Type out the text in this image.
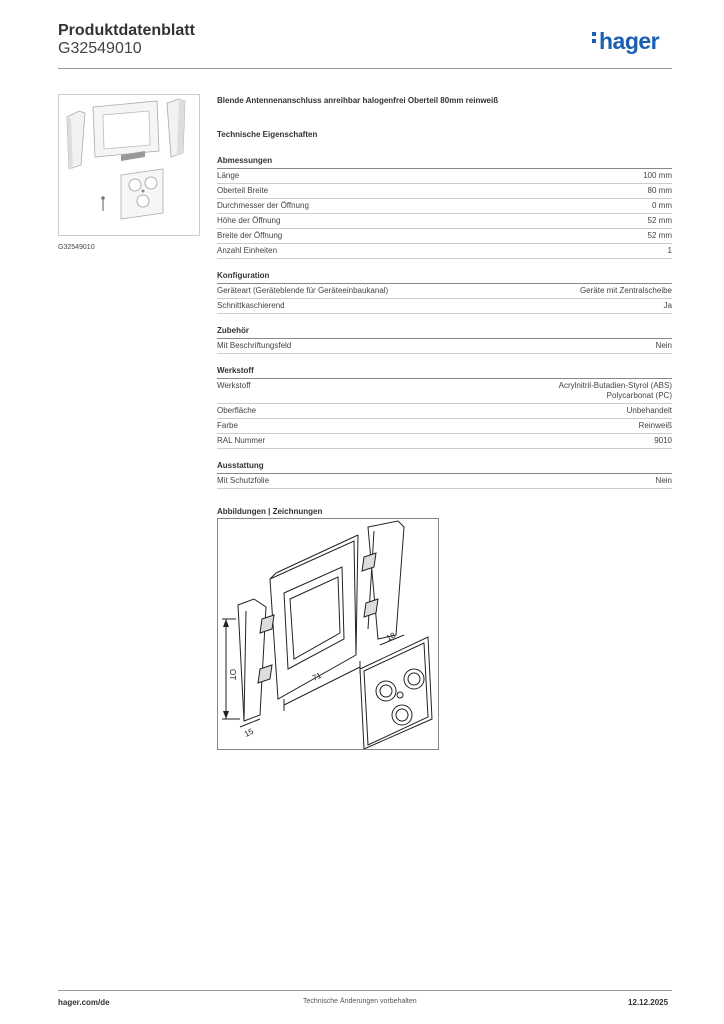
Produktdatenblatt
G32549010	hager
G32549010
Blende Antennenanschluss anreihbar halogenfrei Oberteil 80mm reinweiß
Technische Eigenschaften
Abmessungen
Länge	100 mm
Oberteil Breite	80 mm
Durchmesser der Öffnung	0 mm
Höhe der Öffnung	52 mm
Breite der Öffnung	52 mm
Anzahl Einheiten	1
Konfiguration
Geräteart (Geräteblende für Geräteeinbaukanal)	Geräte mit Zentralscheibe
Schnittkaschierend	Ja
Zubehör
Mit Beschriftungsfeld	Nein
Werkstoff
Werkstoff	Acrylnitril-Butadien-Styrol (ABS)
Polycarbonat (PC)
Oberfläche	Unbehandelt
Farbe	Reinweiß
RAL Nummer	9010
Ausstattung
Mit Schutzfolie	Nein
Abbildungen | Zeichnungen
OT	71
15
18
hager.com/de	Technische Änderungen vorbehalten	12.12.2025
